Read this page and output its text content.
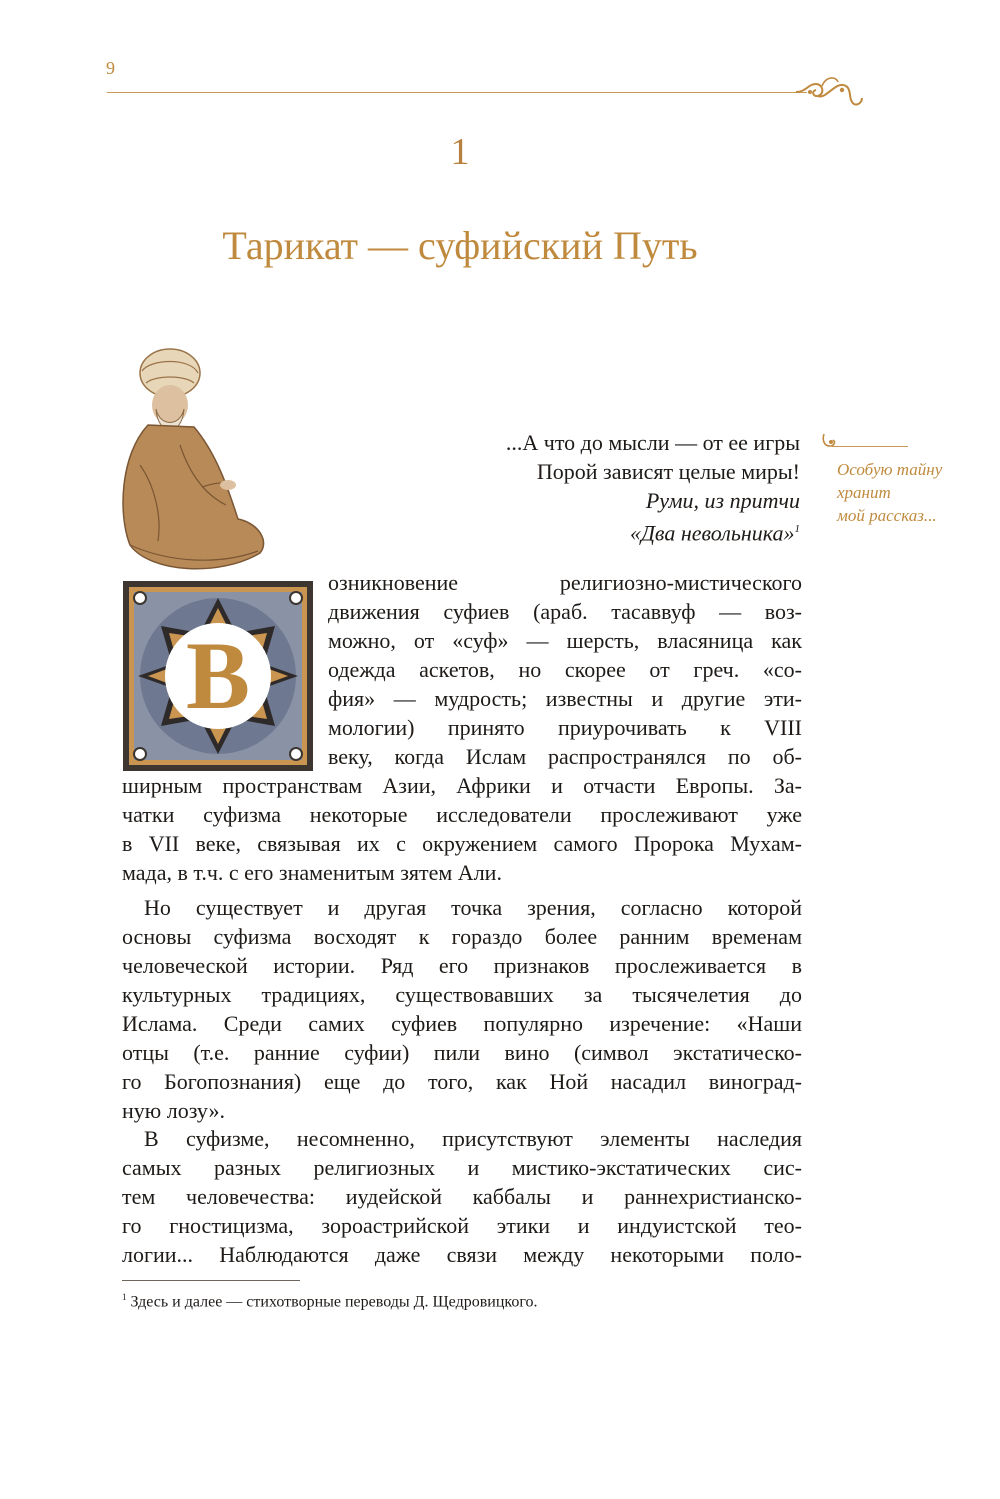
9
1
Тарикат — суфийский Путь
...А что до мысли — от ее игры
Порой зависят целые миры!
Руми, из притчи
«Два невольника»$^1$
Особую тайну
хранит
мой рассказ...
В
озникновение религиозно-мистического
движения суфиев (араб. тасаввуф — воз-
можно, от «суф» — шерсть, власяница как
одежда аскетов, но скорее от греч. «со-
фия» — мудрость; известны и другие эти-
мологии) принято приурочивать к VIII
веку, когда Ислам распространялся по об-
ширным пространствам Азии, Африки и отчасти Европы. За-
чатки суфизма некоторые исследователи прослеживают уже
в VII веке, связывая их с окружением самого Пророка Мухам-
мада, в т.ч. с его знаменитым зятем Али.
Но существует и другая точка зрения, согласно которой
основы суфизма восходят к гораздо более ранним временам
человеческой истории. Ряд его признаков прослеживается в
культурных традициях, существовавших за тысячелетия до
Ислама. Среди самих суфиев популярно изречение: «Наши
отцы (т.е. ранние суфии) пили вино (символ экстатическо-
го Богопознания) еще до того, как Ной насадил виноград-
ную лозу».
В суфизме, несомненно, присутствуют элементы наследия
самых разных религиозных и мистико-экстатических сис-
тем человечества: иудейской каббалы и раннехристианско-
го гностицизма, зороастрийской этики и индуистской тео-
логии... Наблюдаются даже связи между некоторыми поло-
$^1$ Здесь и далее — стихотворные переводы Д. Щедровицкого.
